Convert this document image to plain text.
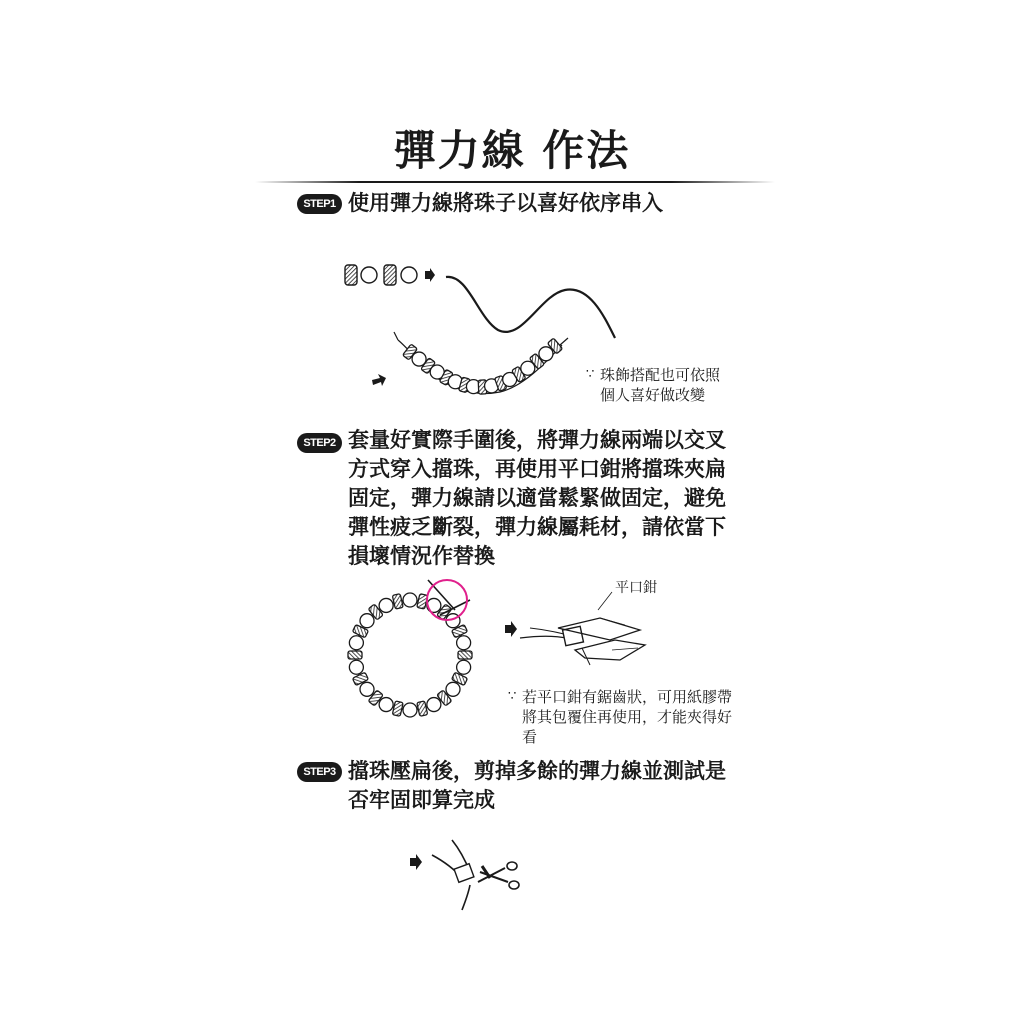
彈力線 作法
STEP1 使用彈力線將珠子以喜好依序串入
STEP2 套量好實際手圍後，將彈力線兩端以交叉
方式穿入擋珠，再使用平口鉗將擋珠夾扁
固定，彈力線請以適當鬆緊做固定，避免
彈性疲乏斷裂，彈力線屬耗材，請依當下
損壞情況作替換
STEP3 擋珠壓扁後，剪掉多餘的彈力線並測試是
否牢固即算完成
∵ 珠飾搭配也可依照
個人喜好做改變
∵ 若平口鉗有鋸齒狀，可用紙膠帶
將其包覆住再使用，才能夾得好
看
平口鉗
